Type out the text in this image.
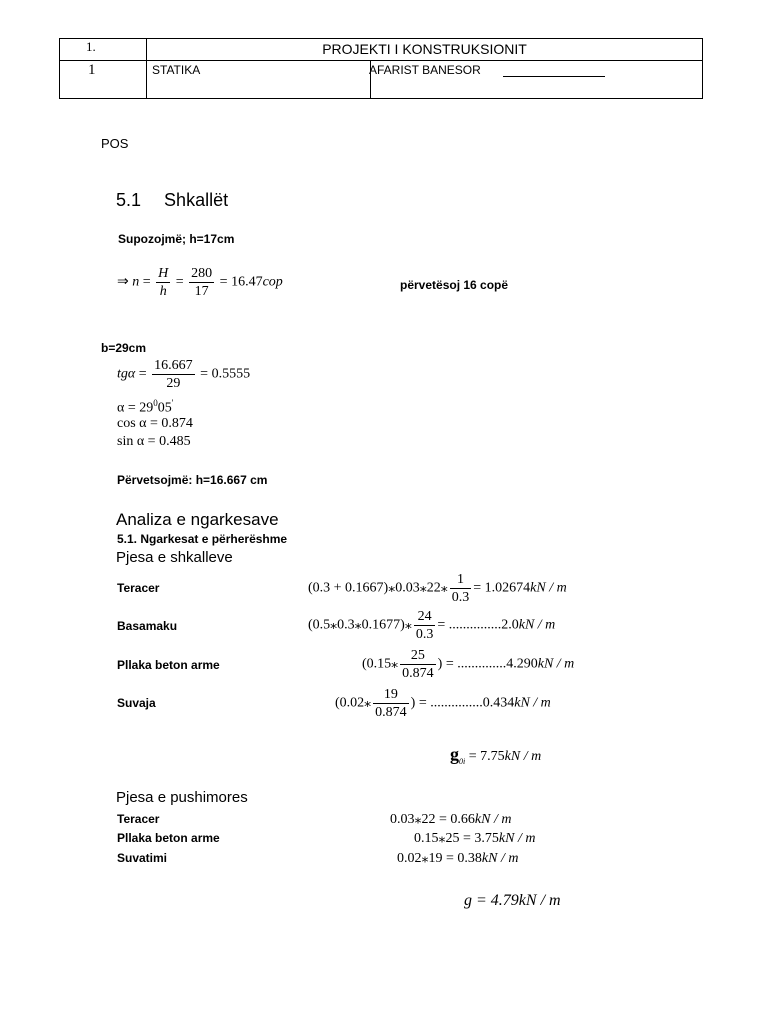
1.	PROJEKTI I KONSTRUKSIONIT
1	STATIKA	AFARIST BANESOR
POS
5.1 Shkallët
Supozojmë; h=17cm
⇒ $n = \frac{H}{h} = \frac{280}{17} = 16.47cop$	përvetësoj 16 copë
b=29cm
$tg\alpha = \frac{16.667}{29} = 0.5555$
$\alpha = 29^005'$
cos α = 0.874
sin α = 0.485
Përvetsojmë: h=16.667 cm
Analiza e ngarkesave
5.1. Ngarkesat e përherëshme
Pjesa e shkalleve
Teracer	(0.3 + 0.1667)⁎0.03⁎22⁎ $\frac{1}{0.3} = 1.02674kN / m$
Basamaku	(0.5⁎0.3⁎0.1677)⁎ $\frac{24}{0.3} = ...............2.0kN / m$
Pllaka beton arme	(0.15⁎ $\frac{25}{0.874}$ ) = ..............4.290kN / m
Suvaja	(0.02⁎ $\frac{19}{0.874}$ ) = ...............0.434kN / m
$g_{0i} = 7.75kN / m$
Pjesa e pushimores
Teracer	0.03⁎22 = 0.66kN / m
Pllaka beton arme	0.15⁎25 = 3.75kN / m
Suvatimi	0.02⁎19 = 0.38kN / m
g = 4.79kN / m
